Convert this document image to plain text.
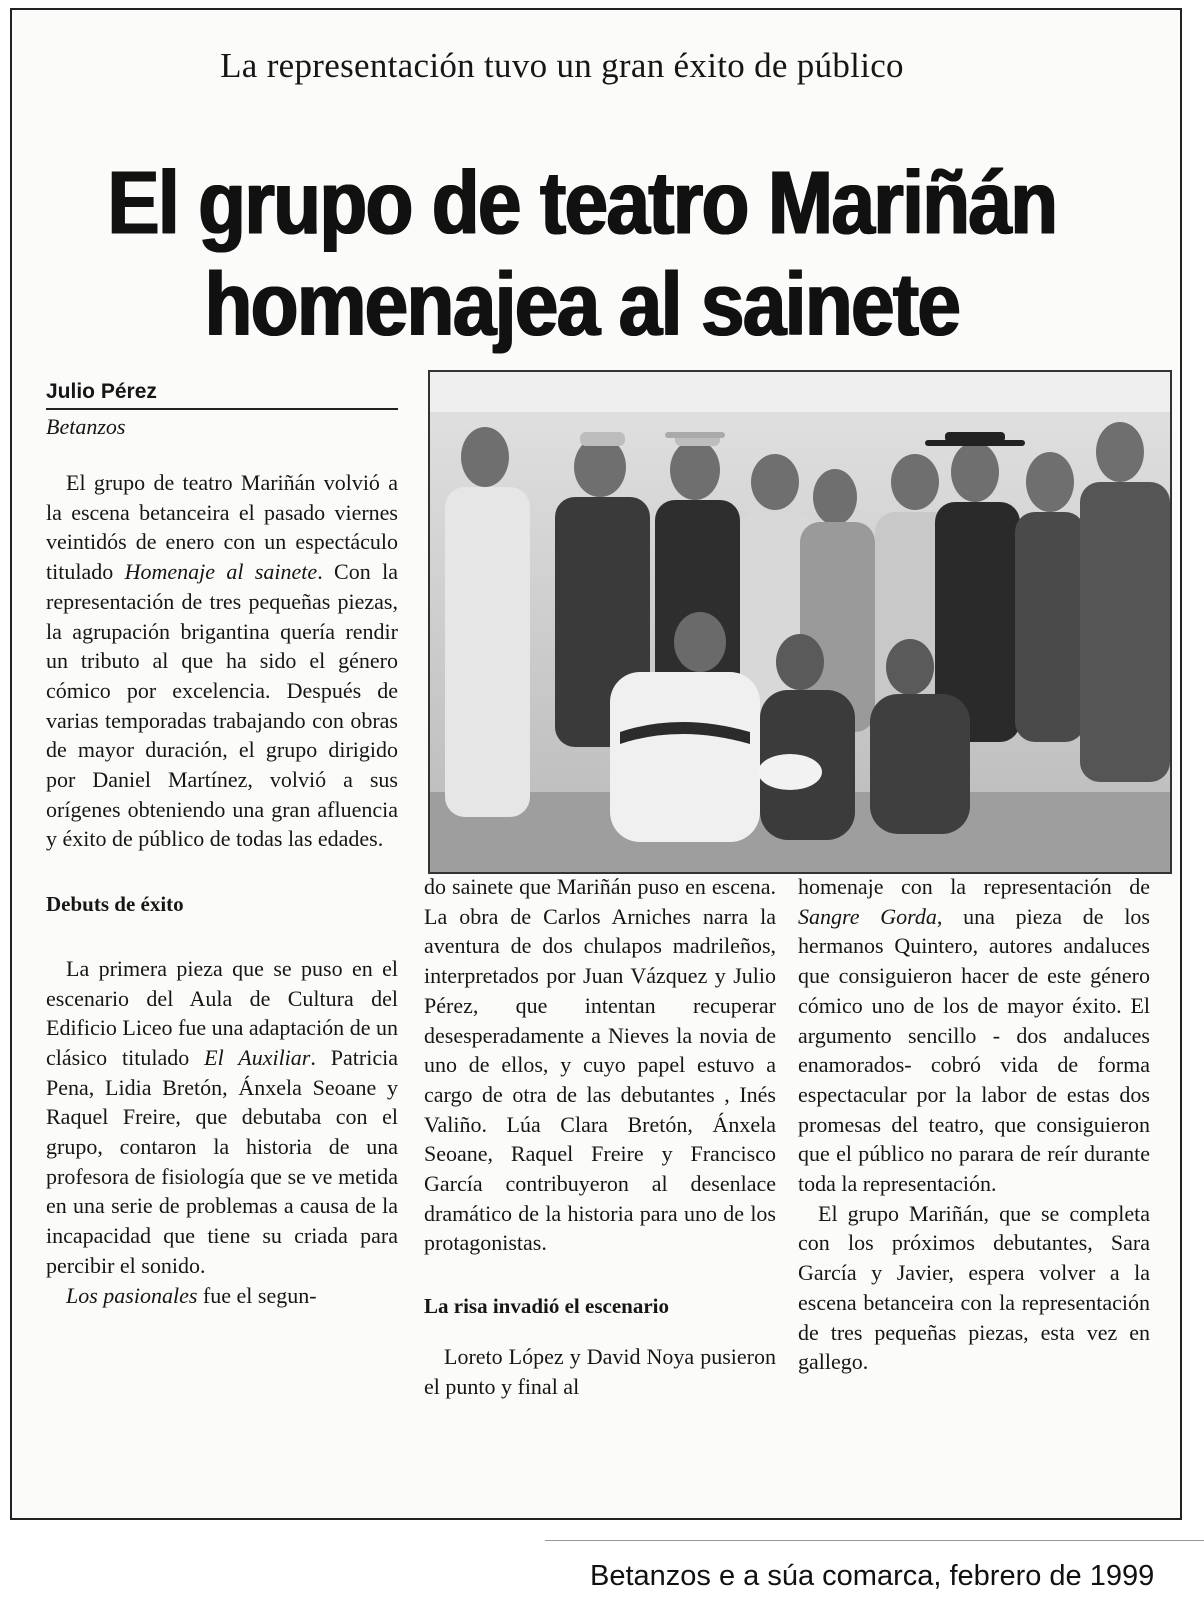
La representación tuvo un gran éxito de público
El grupo de teatro Mariñán
homenajea al sainete
Julio Pérez
Betanzos

El grupo de teatro Mariñán volvió a la escena betanceira el pasado viernes veintidós de enero con un espectáculo titulado Homenaje al sainete. Con la representación de tres pequeñas piezas, la agrupación brigantina quería rendir un tributo al que ha sido el género cómico por excelencia. Después de varias temporadas trabajando con obras de mayor duración, el grupo dirigido por Daniel Martínez, volvió a sus orígenes obteniendo una gran afluencia y éxito de público de todas las edades.

Debuts de éxito

La primera pieza que se puso en el escenario del Aula de Cultura del Edificio Liceo fue una adaptación de un clásico titulado El Auxiliar. Patricia Pena, Lidia Bretón, Ánxela Seoane y Raquel Freire, que debutaba con el grupo, contaron la historia de una profesora de fisiología que se ve metida en una serie de problemas a causa de la incapacidad que tiene su criada para percibir el sonido.

Los pasionales fue el segun-

do sainete que Mariñán puso en escena. La obra de Carlos Arniches narra la aventura de dos chulapos madrileños, interpretados por Juan Vázquez y Julio Pérez, que intentan recuperar desesperadamente a Nieves la novia de uno de ellos, y cuyo papel estuvo a cargo de otra de las debutantes , Inés Valiño. Lúa Clara Bretón, Ánxela Seoane, Raquel Freire y Francisco García contribuyeron al desenlace dramático de la historia para uno de los protagonistas.

La risa invadió el escenario

Loreto López y David Noya pusieron el punto y final al

homenaje con la representación de Sangre Gorda, una pieza de los hermanos Quintero, autores andaluces que consiguieron hacer de este género cómico uno de los de mayor éxito. El argumento sencillo - dos andaluces enamorados- cobró vida de forma espectacular por la labor de estas dos promesas del teatro, que consiguieron que el público no parara de reír durante toda la representación.

El grupo Mariñán, que se completa con los próximos debutantes, Sara García y Javier, espera volver a la escena betanceira con la representación de tres pequeñas piezas, esta vez en gallego.

Betanzos e a súa comarca, febrero de 1999
